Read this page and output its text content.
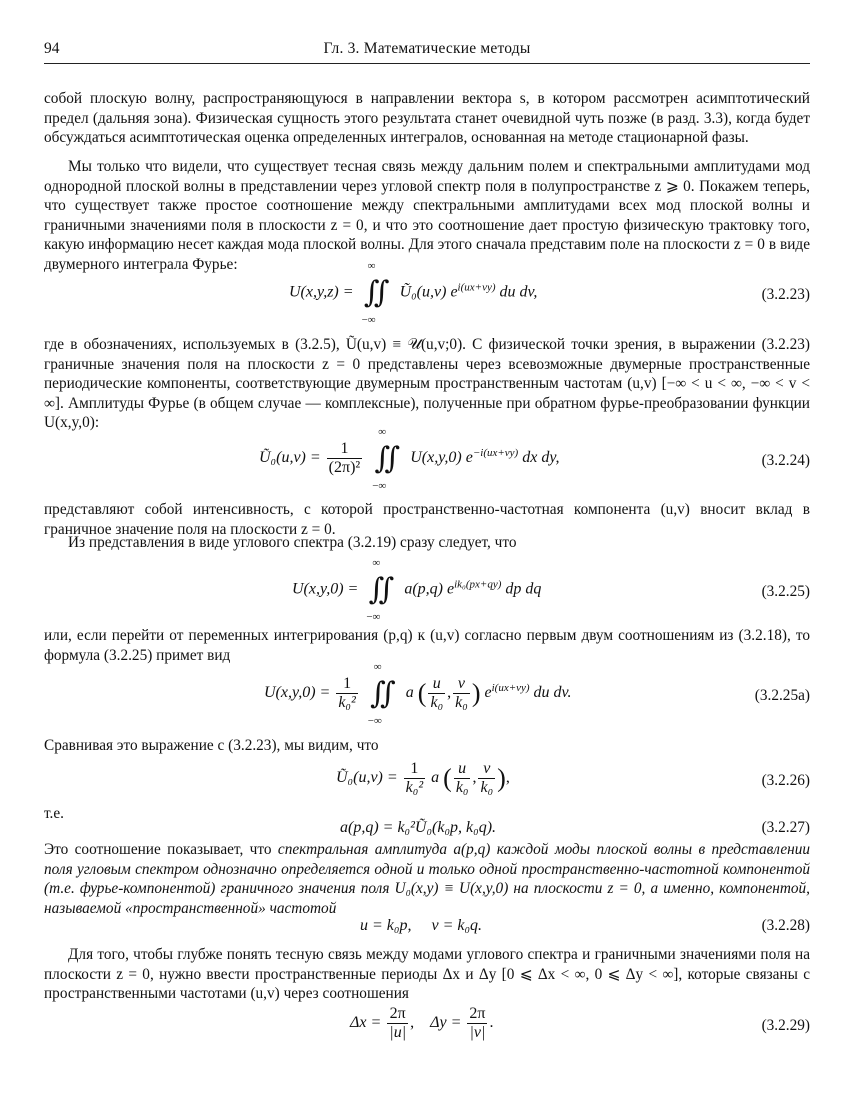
94	Гл. 3. Математические методы
собой плоскую волну, распространяющуюся в направлении вектора s, в котором рассмотрен асимптотический предел (дальняя зона). Физическая сущность этого результата станет очевидной чуть позже (в разд. 3.3), когда будет обсуждаться асимптотическая оценка определенных интегралов, основанная на методе стационарной фазы.
Мы только что видели, что существует тесная связь между дальним полем и спектральными амплитудами мод однородной плоской волны в представлении через угловой спектр поля в полупространстве z ⩾ 0. Покажем теперь, что существует также простое соотношение между спектральными амплитудами всех мод плоской волны и граничными значениями поля в плоскости z = 0, и что это соотношение дает простую физическую трактовку того, какую информацию несет каждая мода плоской волны. Для этого сначала представим поле на плоскости z = 0 в виде двумерного интеграла Фурье:
U(x,y,z) = ∬
∞
−∞
Ũ₀(u,v) $e^{i(ux+vy)}$ du dv,	(3.2.23)
где в обозначениях, используемых в (3.2.5), Ũ(u,v) ≡ 𝒰(u,v;0). С физической точки зрения, в выражении (3.2.23) граничные значения поля на плоскости z = 0 представлены через всевозможные двумерные пространственные периодические компоненты, соответствующие двумерным пространственным частотам (u,v) [−∞ < u < ∞, −∞ < v < ∞]. Амплитуды Фурье (в общем случае — комплексные), полученные при обратном фурье-преобразовании функции U(x,y,0):
Ũ₀(u,v) = $\frac{1}{\text{(2π)²}}$ ∬
∞
−∞
U(x,y,0) $e^{-i(ux+vy)}$ dx dy,	(3.2.24)
представляют собой интенсивность, с которой пространственно-частотная компонента (u,v) вносит вклад в граничное значение поля на плоскости z = 0.
Из представления в виде углового спектра (3.2.19) сразу следует, что
U(x,y,0) = ∬
∞
−∞
a(p,q) $e^{ik_0(px+qy)}$ dp dq	(3.2.25)
или, если перейти от переменных интегрирования (p,q) к (u,v) согласно первым двум соотношениям из (3.2.18), то формула (3.2.25) примет вид
$U(x,y,0) = \frac{1}{\text{k₀²}}$ ∬
∞
−∞
a ( $\frac{u}{\text{k₀}}$ , $\frac{v}{\text{k₀}}$ ) $e^{i(ux+vy)}$ du dv.	(3.2.25a)
Сравнивая это выражение с (3.2.23), мы видим, что
Ũ₀(u,v) = $\frac{1}{\text{k₀²}}$ a ( $\frac{u}{\text{k₀}}$ , $\frac{v}{\text{k₀}}$ ),	(3.2.26)
т.е.
a(p,q) = k₀²Ũ₀(k₀p, k₀q).	(3.2.27)
Это соотношение показывает, что спектральная амплитуда a(p,q) каждой моды плоской волны в представлении поля угловым спектром однозначно определяется одной и только одной пространственно-частотной компонентой (т.е. фурье-компонентой) граничного значения поля U₀(x,y) ≡ U(x,y,0) на плоскости z = 0, а именно, компонентой, называемой «пространственной» частотой
u = k₀p,     v = k₀q.	(3.2.28)
Для того, чтобы глубже понять тесную связь между модами углового спектра и граничными значениями поля на плоскости z = 0, нужно ввести пространственные периоды Δx и Δy [0 ⩽ Δx < ∞, 0 ⩽ Δy < ∞], которые связаны с пространственными частотами (u,v) через соотношения
$\Delta x = \frac{2\pi}{|u|}$ , $\Delta y = \frac{2\pi}{|v|}$ .	(3.2.29)
